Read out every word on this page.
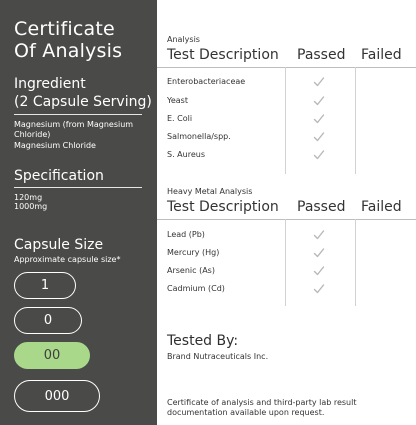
Certificate
Of Analysis
Ingredient
(2 Capsule Serving)
Magnesium (from Magnesium Chloride)
Magnesium Chloride
Specification
120mg
1000mg
Capsule Size
Approximate capsule size*
1
0
00
000
Analysis
Test Description Passed Failed
Enterobacteriaceae
Yeast
E. Coli
Salmonella/spp.
S. Aureus
Heavy Metal Analysis
Test Description Passed Failed
Lead (Pb)
Mercury (Hg)
Arsenic (As)
Cadmium (Cd)
Tested By:
Brand Nutraceuticals Inc.
Certificate of analysis and third-party lab result documentation available upon request.
